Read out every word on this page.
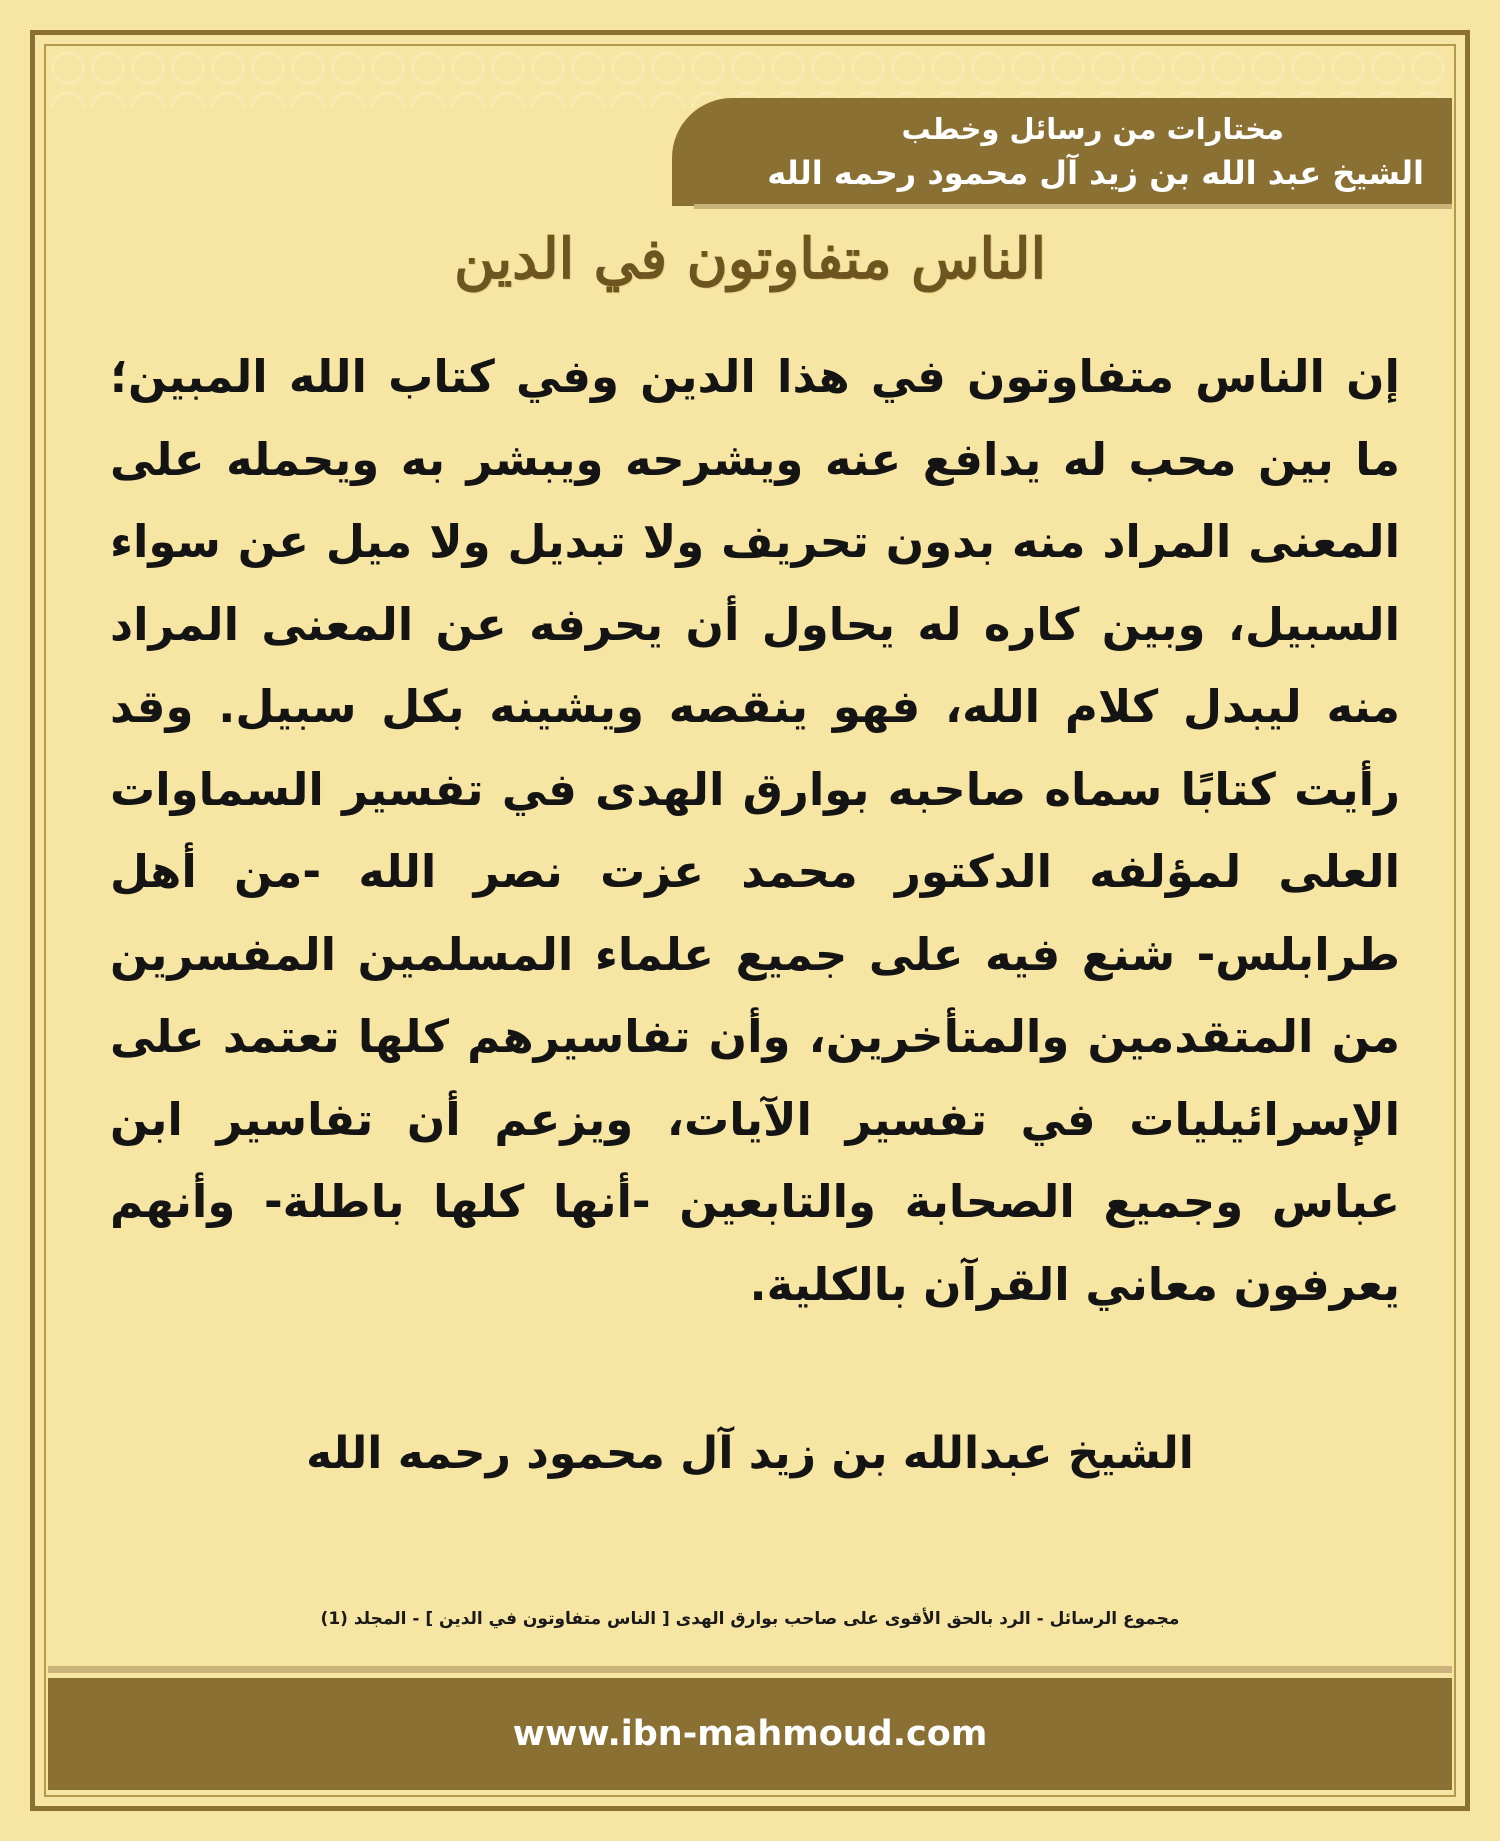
مختارات من رسائل وخطب
الشيخ عبد الله بن زيد آل محمود رحمه الله
الناس متفاوتون في الدين
إن الناس متفاوتون في هذا الدين وفي كتاب الله المبين؛ ما بين محب له يدافع عنه ويشرحه ويبشر به ويحمله على المعنى المراد منه بدون تحريف ولا تبديل ولا ميل عن سواء السبيل، وبين كاره له يحاول أن يحرفه عن المعنى المراد منه ليبدل كلام الله، فهو ينقصه ويشينه بكل سبيل. وقد رأيت كتابًا سماه صاحبه بوارق الهدى في تفسير السماوات العلى لمؤلفه الدكتور محمد عزت نصر الله -من أهل طرابلس- شنع فيه على جميع علماء المسلمين المفسرين من المتقدمين والمتأخرين، وأن تفاسيرهم كلها تعتمد على الإسرائيليات في تفسير الآيات، ويزعم أن تفاسير ابن عباس وجميع الصحابة والتابعين -أنها كلها باطلة- وأنهم يعرفون معاني القرآن بالكلية.
الشيخ عبدالله بن زيد آل محمود رحمه الله
مجموع الرسائل - الرد بالحق الأقوى على صاحب بوارق الهدى [ الناس متفاوتون في الدين ] - المجلد (1)
www.ibn-mahmoud.com
